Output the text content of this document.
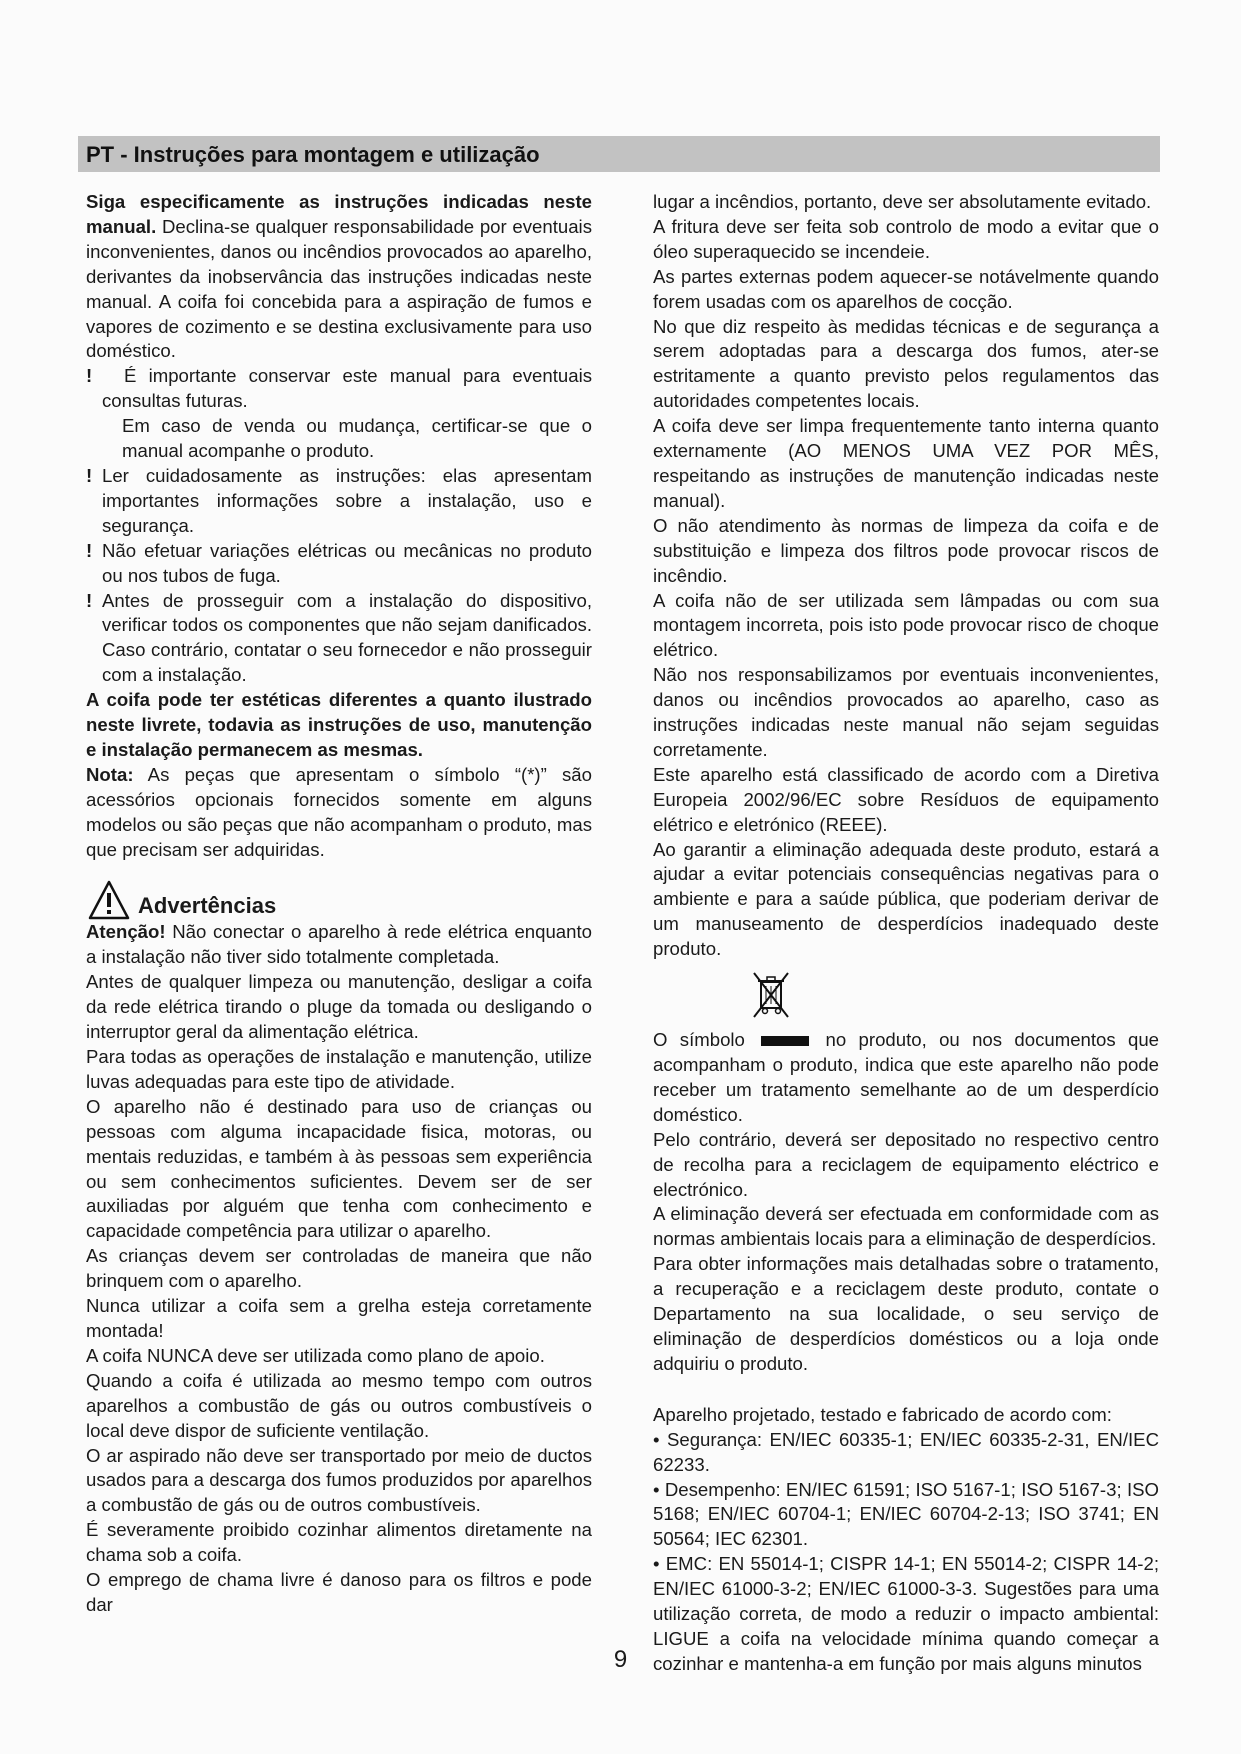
PT - Instruções para montagem e utilização

Siga especificamente as instruções indicadas neste manual. Declina-se qualquer responsabilidade por eventuais inconvenientes, danos ou incêndios provocados ao aparelho, derivantes da inobservância das instruções indicadas neste manual. A coifa foi concebida para a aspiração de fumos e vapores de cozimento e se destina exclusivamente para uso doméstico.

!	É importante conservar este manual para eventuais consultas futuras.

Em caso de venda ou mudança, certificar-se que o manual acompanhe o produto.

! Ler cuidadosamente as instruções: elas apresentam importantes informações sobre a instalação, uso e segurança.
! Não efetuar variações elétricas ou mecânicas no produto ou nos tubos de fuga.
! Antes de prosseguir com a instalação do dispositivo, verificar todos os componentes que não sejam danificados. Caso contrário, contatar o seu fornecedor e não prosseguir com a instalação.

A coifa pode ter estéticas diferentes a quanto ilustrado neste livrete, todavia as instruções de uso, manutenção e instalação permanecem as mesmas.

Nota: As peças que apresentam o símbolo “(*)” são acessórios opcionais fornecidos somente em alguns modelos ou são peças que não acompanham o produto, mas que precisam ser adquiridas.

Advertências

Atenção! Não conectar o aparelho à rede elétrica enquanto a instalação não tiver sido totalmente completada.

Antes de qualquer limpeza ou manutenção, desligar a coifa da rede elétrica tirando o pluge da tomada ou desligando o interruptor geral da alimentação elétrica.

Para todas as operações de instalação e manutenção, utilize luvas adequadas para este tipo de atividade.

O aparelho não é destinado para uso de crianças ou pessoas com alguma incapacidade fisica, motoras, ou mentais reduzidas, e também à às pessoas sem experiência ou sem conhecimentos suficientes. Devem ser de ser auxiliadas por alguém que tenha com conhecimento e capacidade competência para utilizar o aparelho.

As crianças devem ser controladas de maneira que não brinquem com o aparelho.

Nunca utilizar a coifa sem a grelha esteja corretamente montada!

A coifa NUNCA deve ser utilizada como plano de apoio.

Quando a coifa é utilizada ao mesmo tempo com outros aparelhos a combustão de gás ou outros combustíveis o local deve dispor de suficiente ventilação.

O ar aspirado não deve ser transportado por meio de ductos usados para a descarga dos fumos produzidos por aparelhos a combustão de gás ou de outros combustíveis.

É severamente proibido cozinhar alimentos diretamente na chama sob a coifa.

O emprego de chama livre é danoso para os filtros e pode dar

lugar a incêndios, portanto, deve ser absolutamente evitado.

A fritura deve ser feita sob controlo de modo a evitar que o óleo superaquecido se incendeie.

As partes externas podem aquecer-se notávelmente quando forem usadas com os aparelhos de cocção.

No que diz respeito às medidas técnicas e de segurança a serem adoptadas para a descarga dos fumos, ater-se estritamente a quanto previsto pelos regulamentos das autoridades competentes locais.

A coifa deve ser limpa frequentemente tanto interna quanto externamente (AO MENOS UMA VEZ POR MÊS, respeitando as instruções de manutenção indicadas neste manual).

O não atendimento às normas de limpeza da coifa e de substituição e limpeza dos filtros pode provocar riscos de incêndio.

A coifa não de ser utilizada sem lâmpadas ou com sua montagem incorreta, pois isto pode provocar risco de choque elétrico.

Não nos responsabilizamos por eventuais inconvenientes, danos ou incêndios provocados ao aparelho, caso as instruções indicadas neste manual não sejam seguidas corretamente.

Este aparelho está classificado de acordo com a Diretiva Europeia 2002/96/EC sobre Resíduos de equipamento elétrico e eletrónico (REEE).

Ao garantir a eliminação adequada deste produto, estará a ajudar a evitar potenciais consequências negativas para o ambiente e para a saúde pública, que poderiam derivar de um manuseamento de desperdícios inadequado deste produto.

O símbolo	no produto, ou nos documentos que acompanham o produto, indica que este aparelho não pode receber um tratamento semelhante ao de um desperdício doméstico.

Pelo contrário, deverá ser depositado no respectivo centro de recolha para a reciclagem de equipamento eléctrico e electrónico.

A eliminação deverá ser efectuada em conformidade com as normas ambientais locais para a eliminação de desperdícios.

Para obter informações mais detalhadas sobre o tratamento, a recuperação e a reciclagem deste produto, contate o Departamento na sua localidade, o seu serviço de eliminação de desperdícios domésticos ou a loja onde adquiriu o produto.

Aparelho projetado, testado e fabricado de acordo com:

• Segurança: EN/IEC 60335-1; EN/IEC 60335-2-31, EN/IEC 62233.

• Desempenho: EN/IEC 61591; ISO 5167-1; ISO 5167-3; ISO 5168; EN/IEC 60704-1; EN/IEC 60704-2-13; ISO 3741; EN 50564; IEC 62301.

• EMC: EN 55014-1; CISPR 14-1; EN 55014-2; CISPR 14-2; EN/IEC 61000-3-2; EN/IEC 61000-3-3. Sugestões para uma utilização correta, de modo a reduzir o impacto ambiental: LIGUE a coifa na velocidade mínima quando começar a cozinhar e mantenha-a em função por mais alguns minutos

9
